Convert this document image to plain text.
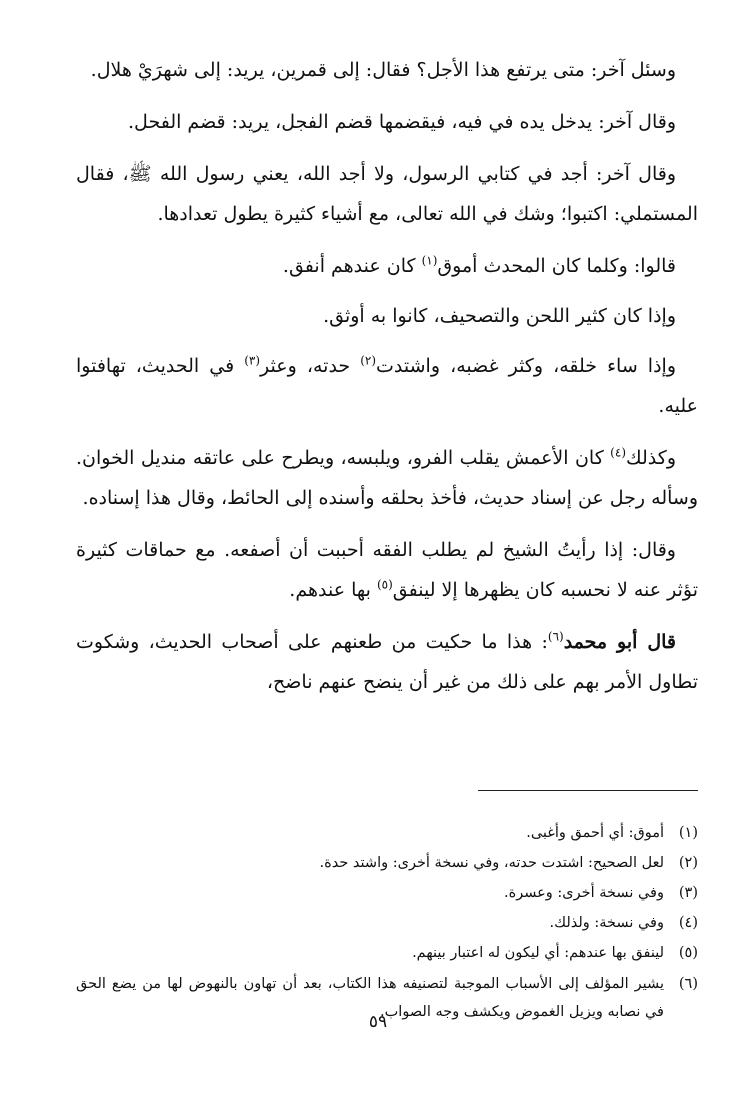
وسئل آخر: متى يرتفع هذا الأجل؟ فقال: إلى قمرين، يريد: إلى شهرَيْ هلال.

وقال آخر: يدخل يده في فيه، فيقضمها قضم الفجل، يريد: قضم الفحل.

وقال آخر: أجد في كتابي الرسول، ولا أجد الله، يعني رسول الله ﷺ، فقال المستملي: اكتبوا؛ وشك في الله تعالى، مع أشياء كثيرة يطول تعدادها.

قالوا: وكلما كان المحدث أموق$^{(١)}$ كان عندهم أنفق.

وإذا كان كثير اللحن والتصحيف، كانوا به أوثق.

وإذا ساء خلقه، وكثر غضبه، واشتدت$^{(٢)}$ حدته، وعثر$^{(٣)}$ في الحديث، تهافتوا عليه.

وكذلك$^{(٤)}$ كان الأعمش يقلب الفرو، ويلبسه، ويطرح على عاتقه منديل الخوان. وسأله رجل عن إسناد حديث، فأخذ بحلقه وأسنده إلى الحائط، وقال هذا إسناده.

وقال: إذا رأيتُ الشيخ لم يطلب الفقه أحببت أن أصفعه. مع حماقات كثيرة تؤثر عنه لا نحسبه كان يظهرها إلا لينفق$^{(٥)}$ بها عندهم.

قال أبو محمد$^{(٦)}$: هذا ما حكيت من طعنهم على أصحاب الحديث، وشكوت تطاول الأمر بهم على ذلك من غير أن ينضح عنهم ناضح،

(١)
أموق: أي أحمق وأغبى.
(٢)
لعل الصحيح: اشتدت حدته، وفي نسخة أخرى: واشتد حدة.
(٣)
وفي نسخة أخرى: وعسرة.
(٤)
وفي نسخة: ولذلك.
(٥)
لينفق بها عندهم: أي ليكون له اعتبار بينهم.
(٦)
يشير المؤلف إلى الأسباب الموجبة لتصنيفه هذا الكتاب، بعد أن تهاون بالنهوض لها من يضع الحق في نصابه ويزيل الغموض ويكشف وجه الصواب.
٥٩
